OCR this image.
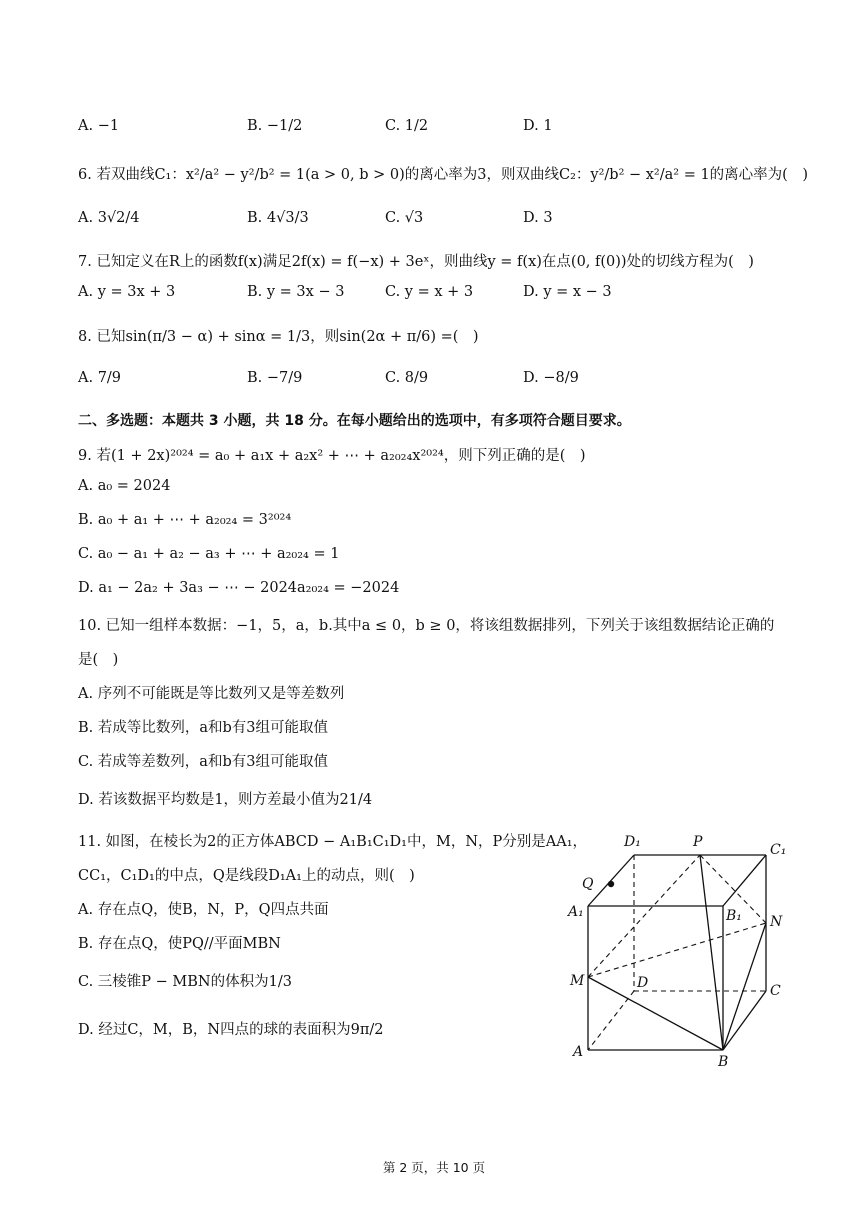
A. −1	B. −1/2	C. 1/2	D. 1
6. 若双曲线C₁：x²/a² − y²/b² = 1(a > 0, b > 0)的离心率为3，则双曲线C₂：y²/b² − x²/a² = 1的离心率为(　)
A. 3√2/4	B. 4√3/3	C. √3	D. 3
7. 已知定义在R上的函数f(x)满足2f(x) = f(−x) + 3eˣ，则曲线y = f(x)在点(0, f(0))处的切线方程为(　)
A. y = 3x + 3	B. y = 3x − 3	C. y = x + 3	D. y = x − 3
8. 已知sin(π/3 − α) + sinα = 1/3，则sin(2α + π/6) =(　)
A. 7/9	B. −7/9	C. 8/9	D. −8/9
二、多选题：本题共 3 小题，共 18 分。在每小题给出的选项中，有多项符合题目要求。
9. 若(1 + 2x)²⁰²⁴ = a₀ + a₁x + a₂x² + ⋯ + a₂₀₂₄x²⁰²⁴，则下列正确的是(　)
A. a₀ = 2024
B. a₀ + a₁ + ⋯ + a₂₀₂₄ = 3²⁰²⁴
C. a₀ − a₁ + a₂ − a₃ + ⋯ + a₂₀₂₄ = 1
D. a₁ − 2a₂ + 3a₃ − ⋯ − 2024a₂₀₂₄ = −2024
10. 已知一组样本数据：−1，5，a，b.其中a ≤ 0，b ≥ 0，将该组数据排列，下列关于该组数据结论正确的
是(　)
A. 序列不可能既是等比数列又是等差数列
B. 若成等比数列，a和b有3组可能取值
C. 若成等差数列，a和b有3组可能取值
D. 若该数据平均数是1，则方差最小值为21/4
11. 如图，在棱长为2的正方体ABCD − A₁B₁C₁D₁中，M，N，P分别是AA₁，
CC₁，C₁D₁的中点，Q是线段D₁A₁上的动点，则(　)
A. 存在点Q，使B，N，P，Q四点共面
B. 存在点Q，使PQ//平面MBN
C. 三棱锥P − MBN的体积为1/3
D. 经过C，M，B，N四点的球的表面积为9π/2
D₁	P	C₁
Q
A₁	B₁ N
M	D	C
A
B
第 2 页，共 10 页
